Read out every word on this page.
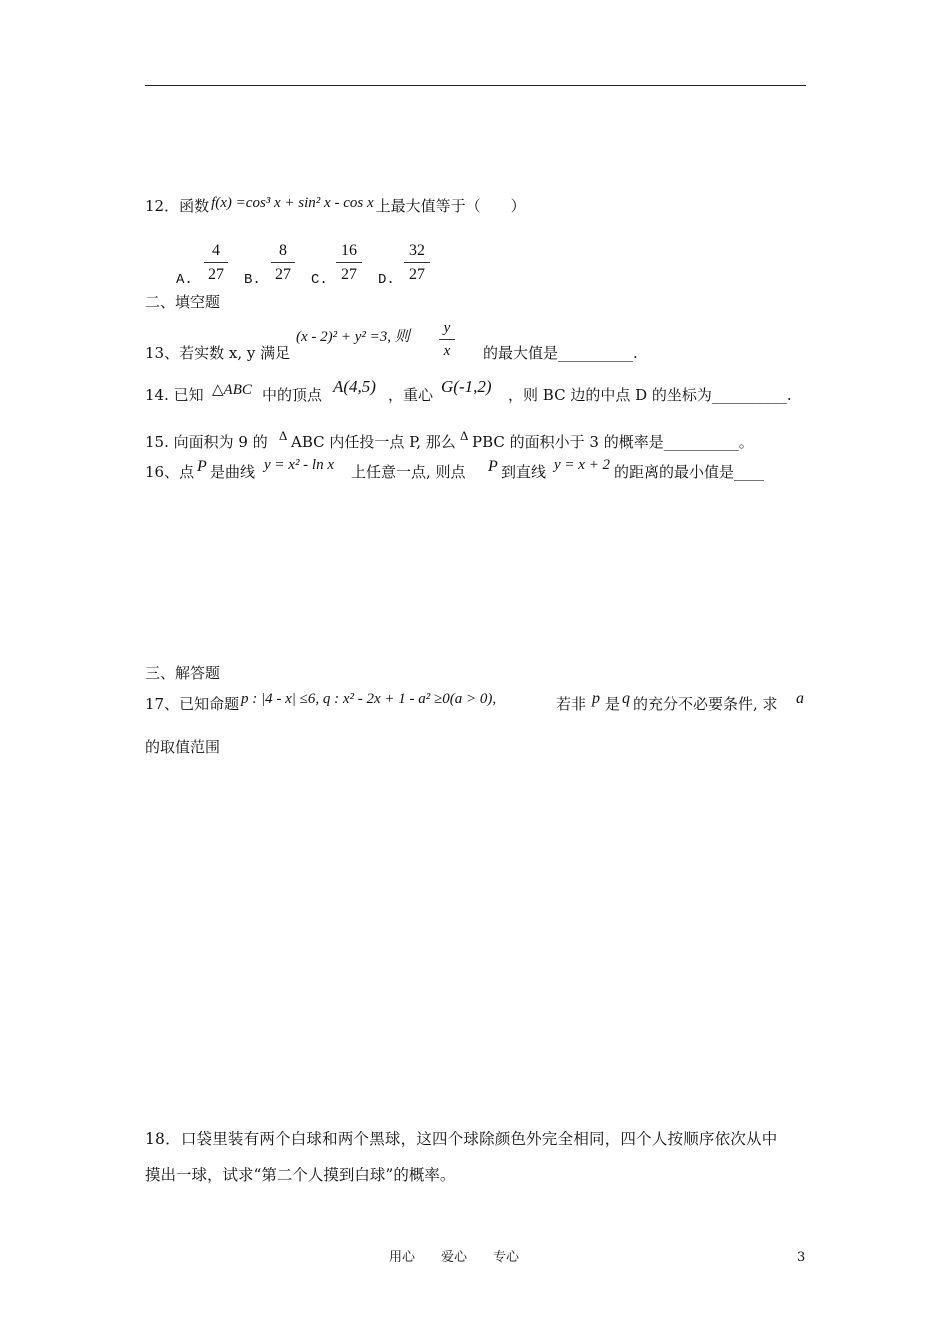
12．函数 f(x) =cos³ x + sin² x - cos x 上最大值等于（　　）
A. $\frac{4}{27} B$. $\frac{8}{27} C$. $\frac{16}{27} D$. $\frac{32}{27}$
二、填空题
13、若实数 x, y 满足
(x - 2)² + y² =3, 则 $\frac{y}{x}$ 的最大值是__________.
14. 已知 △ABC 中的顶点 A(4,5) ，重心 G(-1,2) ，则 BC 边的中点 D 的坐标为__________.
15. 向面积为 9 的 Δ ABC 内任投一点 P, 那么 Δ PBC 的面积小于 3 的概率是__________。
16、点 P 是曲线 y = x² - ln x 上任意一点, 则点 P 到直线 y = x + 2 的距离的最小值是____
三、解答题
17、已知命题 p : |4 - x| ≤6, q : x² - 2x + 1 - a² ≥0(a > 0),	若非 p 是 q 的充分不必要条件, 求 a
的取值范围
18．口袋里装有两个白球和两个黑球，这四个球除颜色外完全相同，四个人按顺序依次从中
摸出一球，试求“第二个人摸到白球”的概率。
用心　　爱心　　专心	3
